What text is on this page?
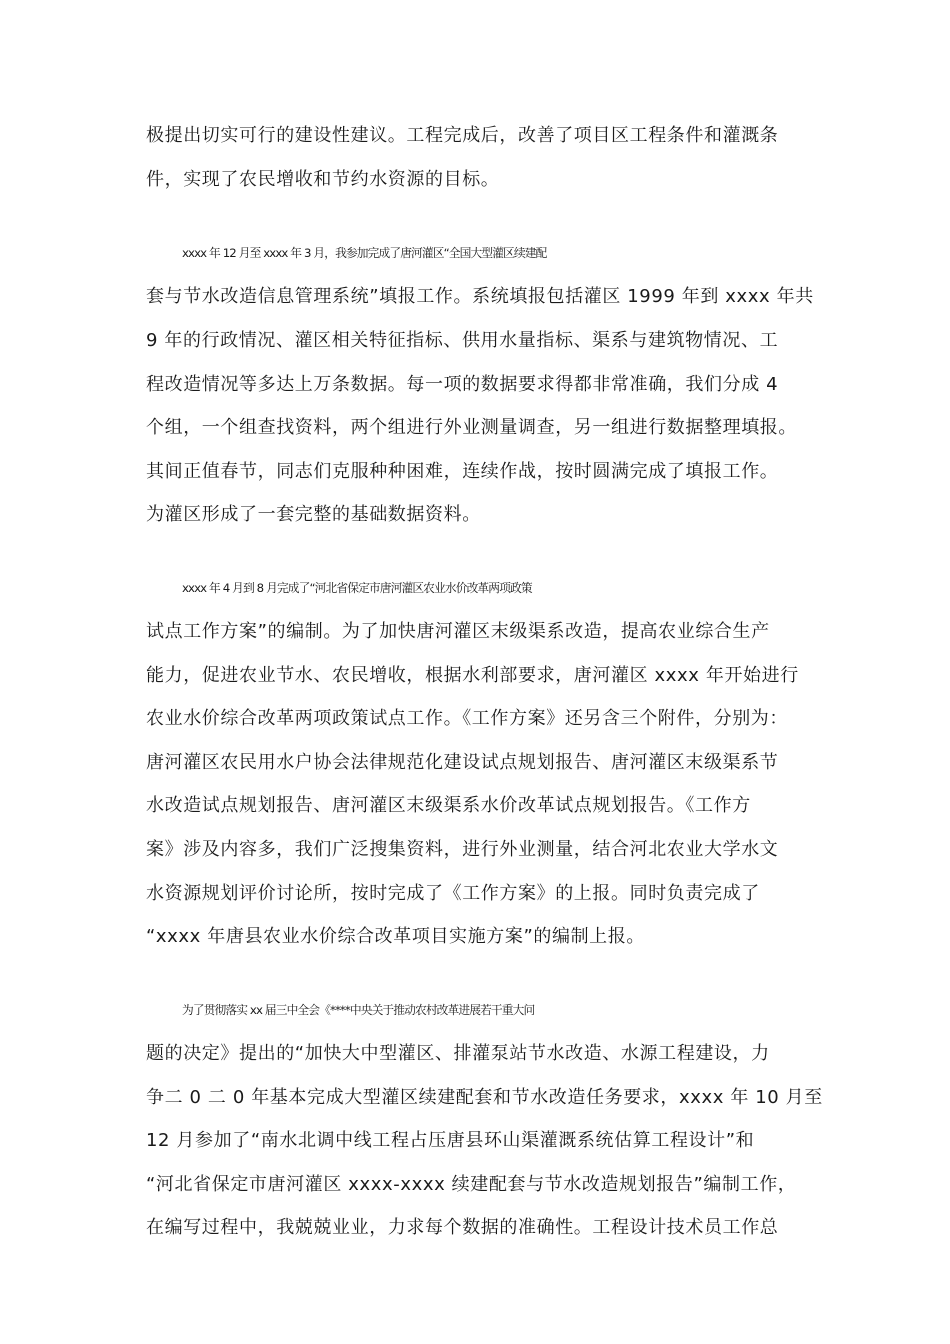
极提出切实可行的建设性建议。工程完成后，改善了项目区工程条件和灌溉条
件，实现了农民增收和节约水资源的目标。
xxxx 年 12 月至 xxxx 年 3 月，我参加完成了唐河灌区“全国大型灌区续建配
套与节水改造信息管理系统”填报工作。系统填报包括灌区 1999 年到 xxxx 年共
9 年的行政情况、灌区相关特征指标、供用水量指标、渠系与建筑物情况、工
程改造情况等多达上万条数据。每一项的数据要求得都非常准确，我们分成 4
个组，一个组查找资料，两个组进行外业测量调查，另一组进行数据整理填报。
其间正值春节，同志们克服种种困难，连续作战，按时圆满完成了填报工作。
为灌区形成了一套完整的基础数据资料。
xxxx 年 4 月到 8 月完成了“河北省保定市唐河灌区农业水价改革两项政策
试点工作方案”的编制。为了加快唐河灌区末级渠系改造，提高农业综合生产
能力，促进农业节水、农民增收，根据水利部要求，唐河灌区 xxxx 年开始进行
农业水价综合改革两项政策试点工作。《工作方案》还另含三个附件，分别为：
唐河灌区农民用水户协会法律规范化建设试点规划报告、唐河灌区末级渠系节
水改造试点规划报告、唐河灌区末级渠系水价改革试点规划报告。《工作方
案》涉及内容多，我们广泛搜集资料，进行外业测量，结合河北农业大学水文
水资源规划评价讨论所，按时完成了《工作方案》的上报。同时负责完成了
“xxxx 年唐县农业水价综合改革项目实施方案”的编制上报。
为了贯彻落实 xx 届三中全会《****中央关于推动农村改革进展若干重大问
题的决定》提出的“加快大中型灌区、排灌泵站节水改造、水源工程建设，力
争二 0 二 0 年基本完成大型灌区续建配套和节水改造任务要求，xxxx 年 10 月至
12 月参加了“南水北调中线工程占压唐县环山渠灌溉系统估算工程设计”和
“河北省保定市唐河灌区 xxxx-xxxx 续建配套与节水改造规划报告”编制工作，
在编写过程中，我兢兢业业，力求每个数据的准确性。工程设计技术员工作总
